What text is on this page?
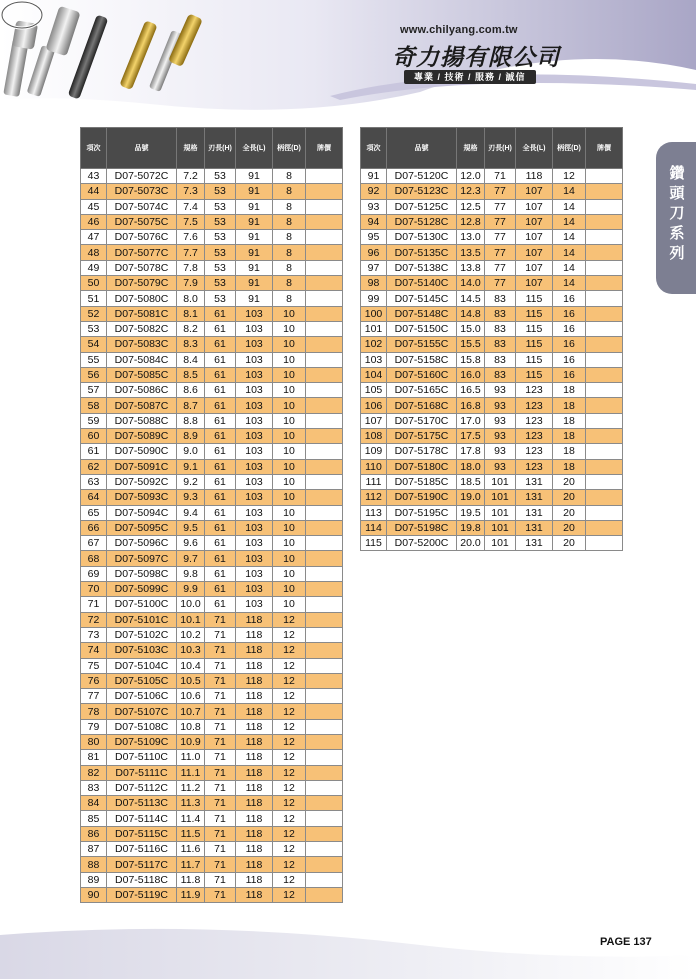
www.chilyang.com.tw
奇力揚有限公司
專業 / 技術 / 服務 / 誠信
鑽頭刀系列
項次	品號	規格	刃長(H)	全長(L)	柄徑(D)	牌價
43	D07-5072C	7.2	53	91	8	
44	D07-5073C	7.3	53	91	8	
45	D07-5074C	7.4	53	91	8	
46	D07-5075C	7.5	53	91	8	
47	D07-5076C	7.6	53	91	8	
48	D07-5077C	7.7	53	91	8	
49	D07-5078C	7.8	53	91	8	
50	D07-5079C	7.9	53	91	8	
51	D07-5080C	8.0	53	91	8	
52	D07-5081C	8.1	61	103	10	
53	D07-5082C	8.2	61	103	10	
54	D07-5083C	8.3	61	103	10	
55	D07-5084C	8.4	61	103	10	
56	D07-5085C	8.5	61	103	10	
57	D07-5086C	8.6	61	103	10	
58	D07-5087C	8.7	61	103	10	
59	D07-5088C	8.8	61	103	10	
60	D07-5089C	8.9	61	103	10	
61	D07-5090C	9.0	61	103	10	
62	D07-5091C	9.1	61	103	10	
63	D07-5092C	9.2	61	103	10	
64	D07-5093C	9.3	61	103	10	
65	D07-5094C	9.4	61	103	10	
66	D07-5095C	9.5	61	103	10	
67	D07-5096C	9.6	61	103	10	
68	D07-5097C	9.7	61	103	10	
69	D07-5098C	9.8	61	103	10	
70	D07-5099C	9.9	61	103	10	
71	D07-5100C	10.0	61	103	10	
72	D07-5101C	10.1	71	118	12	
73	D07-5102C	10.2	71	118	12	
74	D07-5103C	10.3	71	118	12	
75	D07-5104C	10.4	71	118	12	
76	D07-5105C	10.5	71	118	12	
77	D07-5106C	10.6	71	118	12	
78	D07-5107C	10.7	71	118	12	
79	D07-5108C	10.8	71	118	12	
80	D07-5109C	10.9	71	118	12	
81	D07-5110C	11.0	71	118	12	
82	D07-5111C	11.1	71	118	12	
83	D07-5112C	11.2	71	118	12	
84	D07-5113C	11.3	71	118	12	
85	D07-5114C	11.4	71	118	12	
86	D07-5115C	11.5	71	118	12	
87	D07-5116C	11.6	71	118	12	
88	D07-5117C	11.7	71	118	12	
89	D07-5118C	11.8	71	118	12	
90	D07-5119C	11.9	71	118	12	
項次	品號	規格	刃長(H)	全長(L)	柄徑(D)	牌價
91	D07-5120C	12.0	71	118	12	
92	D07-5123C	12.3	77	107	14	
93	D07-5125C	12.5	77	107	14	
94	D07-5128C	12.8	77	107	14	
95	D07-5130C	13.0	77	107	14	
96	D07-5135C	13.5	77	107	14	
97	D07-5138C	13.8	77	107	14	
98	D07-5140C	14.0	77	107	14	
99	D07-5145C	14.5	83	115	16	
100	D07-5148C	14.8	83	115	16	
101	D07-5150C	15.0	83	115	16	
102	D07-5155C	15.5	83	115	16	
103	D07-5158C	15.8	83	115	16	
104	D07-5160C	16.0	83	115	16	
105	D07-5165C	16.5	93	123	18	
106	D07-5168C	16.8	93	123	18	
107	D07-5170C	17.0	93	123	18	
108	D07-5175C	17.5	93	123	18	
109	D07-5178C	17.8	93	123	18	
110	D07-5180C	18.0	93	123	18	
111	D07-5185C	18.5	101	131	20	
112	D07-5190C	19.0	101	131	20	
113	D07-5195C	19.5	101	131	20	
114	D07-5198C	19.8	101	131	20	
115	D07-5200C	20.0	101	131	20	
PAGE 137
